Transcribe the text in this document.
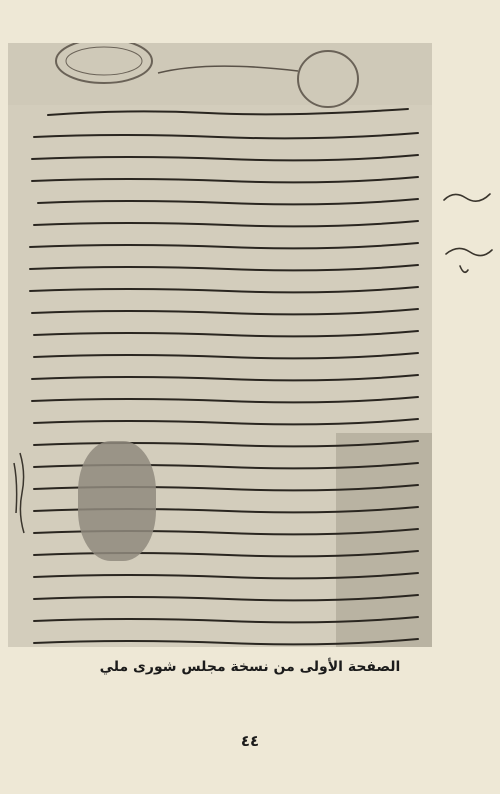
الصفحة الأولى من نسخة مجلس شورى ملي
٤٤
